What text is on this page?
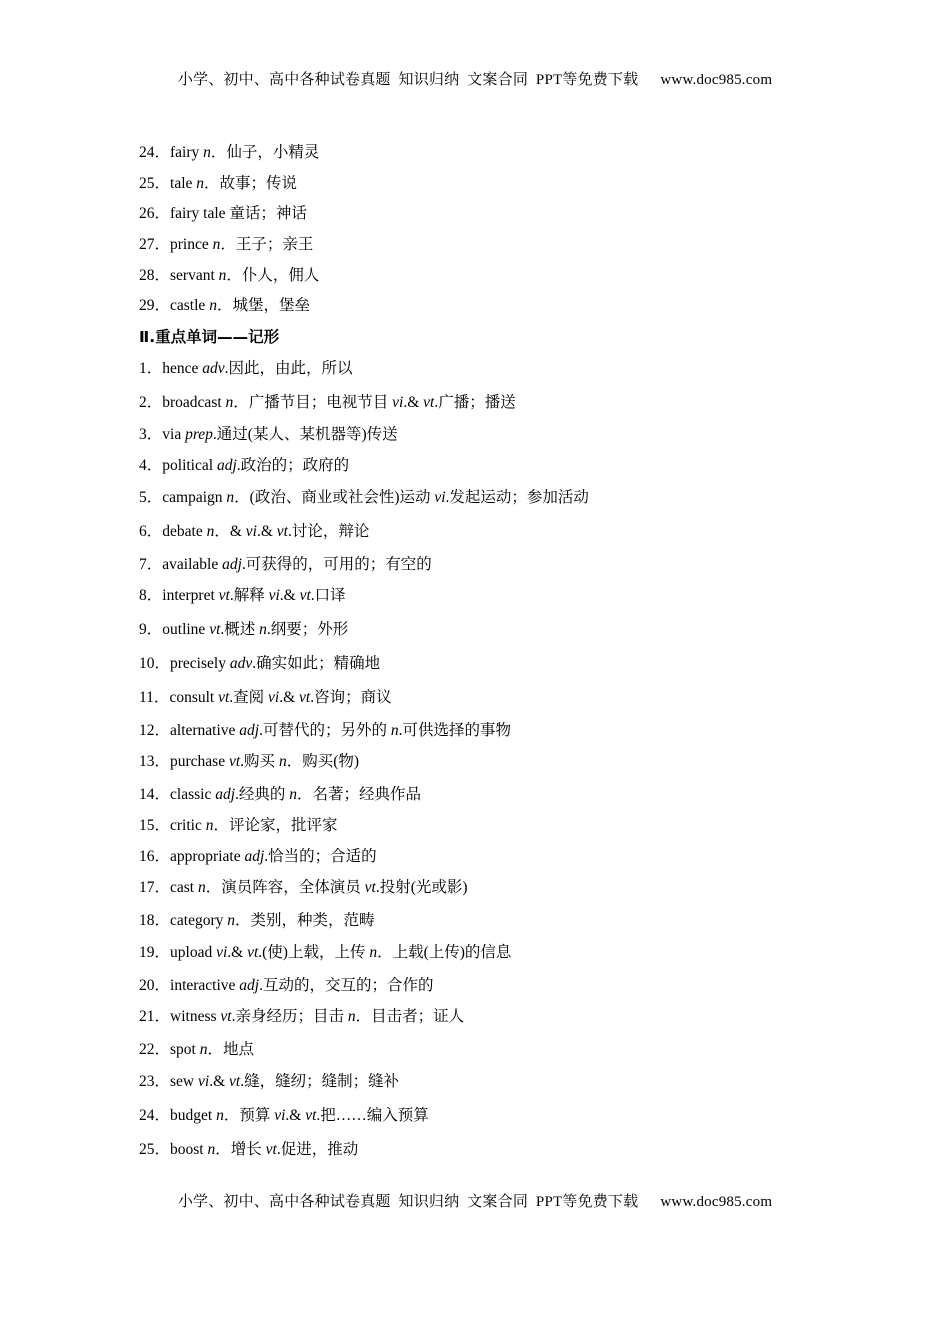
小学、初中、高中各种试卷真题  知识归纳  文案合同  PPT等免费下载 www.doc985.com
24．fairy n．仙子，小精灵
25．tale n．故事；传说
26．fairy tale 童话；神话
27．prince n．王子；亲王
28．servant n．仆人，佣人
29．castle n．城堡，堡垒
Ⅱ.重点单词——记形
1．hence adv.因此，由此，所以
2．broadcast n．广播节目；电视节目 vi.& vt.广播；播送
3．via prep.通过(某人、某机器等)传送
4．political adj.政治的；政府的
5．campaign n．(政治、商业或社会性)运动 vi.发起运动；参加活动
6．debate n．& vi.& vt.讨论，辩论
7．available adj.可获得的，可用的；有空的
8．interpret vt.解释 vi.& vt.口译
9．outline vt.概述 n.纲要；外形
10．precisely adv.确实如此；精确地
11．consult vt.查阅 vi.& vt.咨询；商议
12．alternative adj.可替代的；另外的 n.可供选择的事物
13．purchase vt.购买 n．购买(物)
14．classic adj.经典的 n．名著；经典作品
15．critic n．评论家，批评家
16．appropriate adj.恰当的；合适的
17．cast n．演员阵容，全体演员 vt.投射(光或影)
18．category n．类别，种类，范畴
19．upload vi.& vt.(使)上载，上传 n．上载(上传)的信息
20．interactive adj.互动的，交互的；合作的
21．witness vt.亲身经历；目击 n．目击者；证人
22．spot n．地点
23．sew vi.& vt.缝，缝纫；缝制；缝补
24．budget n．预算 vi.& vt.把……编入预算
25．boost n．增长 vt.促进，推动
小学、初中、高中各种试卷真题  知识归纳  文案合同  PPT等免费下载 www.doc985.com
